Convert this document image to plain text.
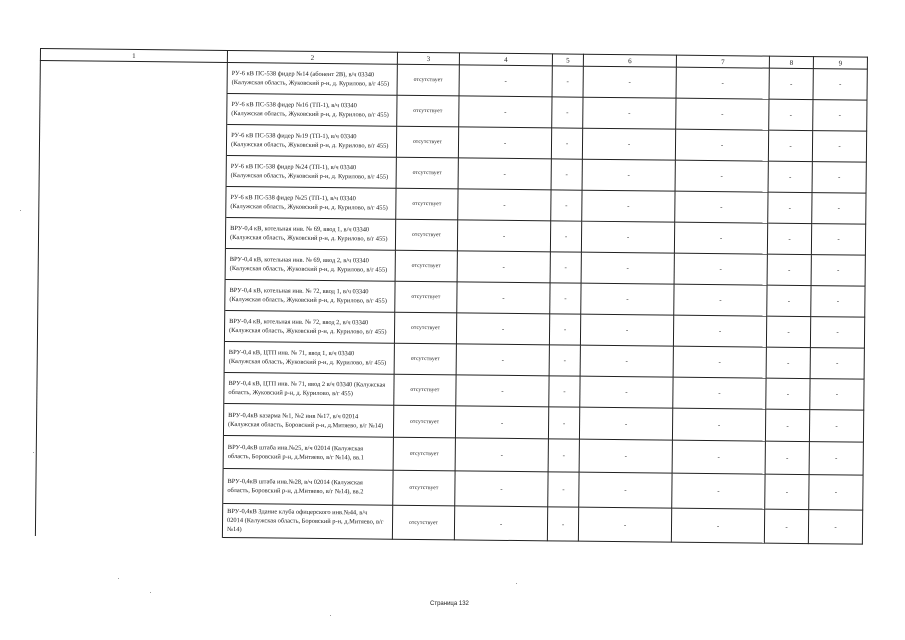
1	2	3	4	5	6	7	8	9
	РУ-6 кВ ПС-538 фидер №14 (абонент 2В), в/ч 03340
(Калужская область, Жуковский р-н, д. Курилово, в/г 455)	отсутствует	-	-	-	-	-	-
	РУ-6 кВ ПС-538 фидер №16 (ТП-1), в/ч 03340
(Калужская область, Жуковский р-н, д. Курилово, в/г 455)	отсутствует	-	-	-	-	-	-
	РУ-6 кВ ПС-538 фидер №19 (ТП-1), в/ч 03340
(Калужская область, Жуковский р-н, д. Курилово, в/г 455)	отсутствует	-	-	-	-	-	-
	РУ-6 кВ ПС-538 фидер №24 (ТП-1), в/ч 03340
(Калужская область, Жуковский р-н, д. Курилово, в/г 455)	отсутствует	-	-	-	-	-	-
	РУ-6 кВ ПС-538 фидер №25 (ТП-1), в/ч 03340
(Калужская область, Жуковский р-н, д. Курилово, в/г 455)	отсутствует	-	-	-	-	-	-
	ВРУ-0,4 кВ, котельная инв. № 69, ввод 1, в/ч 03340
(Калужская область, Жуковский р-н, д. Курилово, в/г 455)	отсутствует	-	-	-	-	-	-
	ВРУ-0,4 кВ, котельная инв. № 69, ввод 2, в/ч 03340
(Калужская область, Жуковский р-н, д. Курилово, в/г 455)	отсутствует	-	-	-	-	-	-
	ВРУ-0,4 кВ, котельная инв. № 72, ввод 1, в/ч 03340
(Калужская область, Жуковский р-н, д. Курилово, в/г 455)	отсутствует	-	-	-	-	-	-
	ВРУ-0,4 кВ, котельная инв. № 72, ввод 2, в/ч 03340
(Калужская область, Жуковский р-н, д. Курилово, в/г 455)	отсутствует	-	-	-	-	-	-
	ВРУ-0,4 кВ, ЦТП инв. № 71, ввод 1, в/ч 03340
(Калужская область, Жуковский р-н, д. Курилово, в/г 455)	отсутствует	-	-	-	-	-	-
	ВРУ-0,4 кВ, ЦТП инв. № 71, ввод 2 в/ч 03340 (Калужская
область, Жуковский р-н, д. Курилово, в/г 455)	отсутствует	-	-	-	-	-	-
	ВРУ-0,4кВ казарма №1, №2 инв №17, в/ч 02014
(Калужская область, Боровский р-н, д.Митяево, в/г №14)	отсутствует	-	-	-	-	-	-
	ВРУ-0,4кВ штаба инв.№25, в/ч 02014 (Калужская
область, Боровский р-н, д.Митяево, в/г №14), вв.1	отсутствует	-	-	-	-	-	-
	ВРУ-0,4кВ штаба инв.№28, в/ч 02014 (Калужская
область, Боровский р-н, д.Митяево, в/г №14), вв.2	отсутствует	-	-	-	-	-	-
	ВРУ-0,4кВ Здание клуба офицерского инв.№44, в/ч
02014 (Калужская область, Боровский р-н, д.Митяево, в/г
№14)	отсутствует	-	-	-	-	-	-
Страница 132
